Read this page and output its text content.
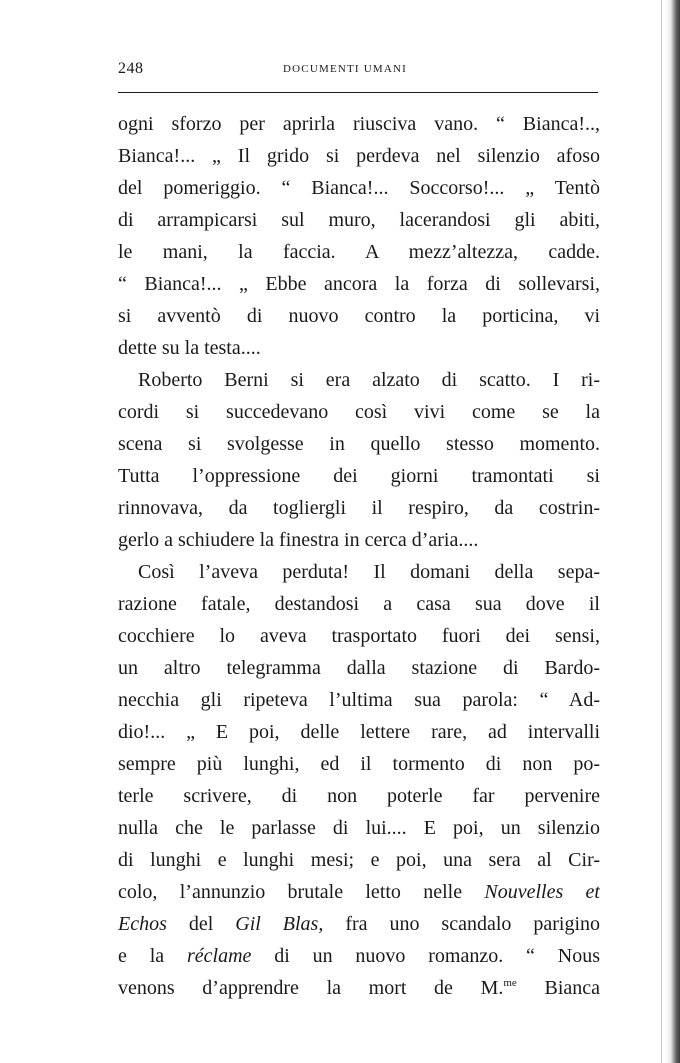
248	DOCUMENTI UMANI
ogni sforzo per aprirla riusciva vano. “ Bianca!..,
Bianca!... „ Il grido si perdeva nel silenzio afoso
del pomeriggio. “ Bianca!... Soccorso!... „ Tentò
di arrampicarsi sul muro, lacerandosi gli abiti,
le mani, la faccia. A mezz’altezza, cadde.
“ Bianca!... „ Ebbe ancora la forza di sollevarsi,
si avventò di nuovo contro la porticina, vi
dette su la testa....
Roberto Berni si era alzato di scatto. I ri-
cordi si succedevano così vivi come se la
scena si svolgesse in quello stesso momento.
Tutta l’oppressione dei giorni tramontati si
rinnovava, da togliergli il respiro, da costrin-
gerlo a schiudere la finestra in cerca d’aria....
Così l’aveva perduta! Il domani della sepa-
razione fatale, destandosi a casa sua dove il
cocchiere lo aveva trasportato fuori dei sensi,
un altro telegramma dalla stazione di Bardo-
necchia gli ripeteva l’ultima sua parola: “ Ad-
dio!... „ E poi, delle lettere rare, ad intervalli
sempre più lunghi, ed il tormento di non po-
terle scrivere, di non poterle far pervenire
nulla che le parlasse di lui.... E poi, un silenzio
di lunghi e lunghi mesi; e poi, una sera al Cir-
colo, l’annunzio brutale letto nelle Nouvelles et
Echos del Gil Blas, fra uno scandalo parigino
e la réclame di un nuovo romanzo. “ Nous
venons d’apprendre la mort de M.$^{me}$ Bianca
